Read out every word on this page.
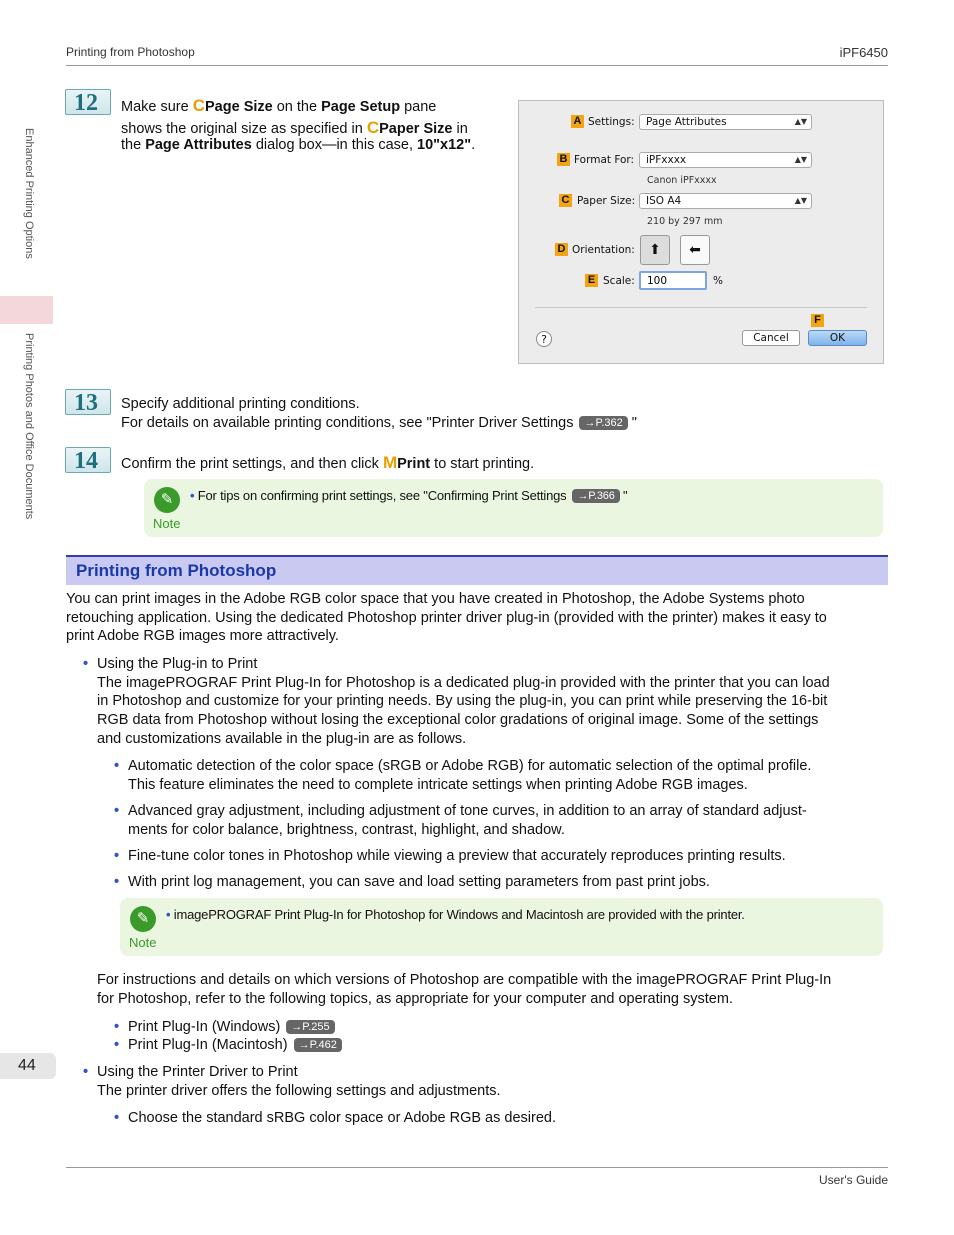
Printing from Photoshop	iPF6450
Enhanced Printing Options
Printing Photos and Office Documents
12	Make sure CPage Size on the Page Setup pane
shows the original size as specified in CPaper Size in
the Page Attributes dialog box—in this case, 10"x12".
A Settings:	Page Attributes	▲▼
B Format For:	iPFxxxx	▲▼
Canon iPFxxxx
C Paper Size:	ISO A4	▲▼
210 by 297 mm
D Orientation:	⬆	⬅
E Scale:
100	%
F
?	Cancel	OK
13	Specify additional printing conditions.
For details on available printing conditions, see "Printer Driver Settings →P.362 "
14	Confirm the print settings, and then click MPrint to start printing.
✎
Note
• For tips on confirming print settings, see "Confirming Print Settings →P.366 "
Printing from Photoshop
You can print images in the Adobe RGB color space that you have created in Photoshop, the Adobe Systems photo
retouching application. Using the dedicated Photoshop printer driver plug-in (provided with the printer) makes it easy to
print Adobe RGB images more attractively.
• Using the Plug-in to Print
The imagePROGRAF Print Plug-In for Photoshop is a dedicated plug-in provided with the printer that you can load
in Photoshop and customize for your printing needs. By using the plug-in, you can print while preserving the 16-bit
RGB data from Photoshop without losing the exceptional color gradations of original image. Some of the settings
and customizations available in the plug-in are as follows.
• Automatic detection of the color space (sRGB or Adobe RGB) for automatic selection of the optimal profile.
This feature eliminates the need to complete intricate settings when printing Adobe RGB images.
• Advanced gray adjustment, including adjustment of tone curves, in addition to an array of standard adjust-
ments for color balance, brightness, contrast, highlight, and shadow.
• Fine-tune color tones in Photoshop while viewing a preview that accurately reproduces printing results.
• With print log management, you can save and load setting parameters from past print jobs.
✎
Note
• imagePROGRAF Print Plug-In for Photoshop for Windows and Macintosh are provided with the printer.
For instructions and details on which versions of Photoshop are compatible with the imagePROGRAF Print Plug-In
for Photoshop, refer to the following topics, as appropriate for your computer and operating system.
• Print Plug-In (Windows) →P.255
• Print Plug-In (Macintosh) →P.462
44	• Using the Printer Driver to Print
The printer driver offers the following settings and adjustments.
• Choose the standard sRBG color space or Adobe RGB as desired.
User's Guide
